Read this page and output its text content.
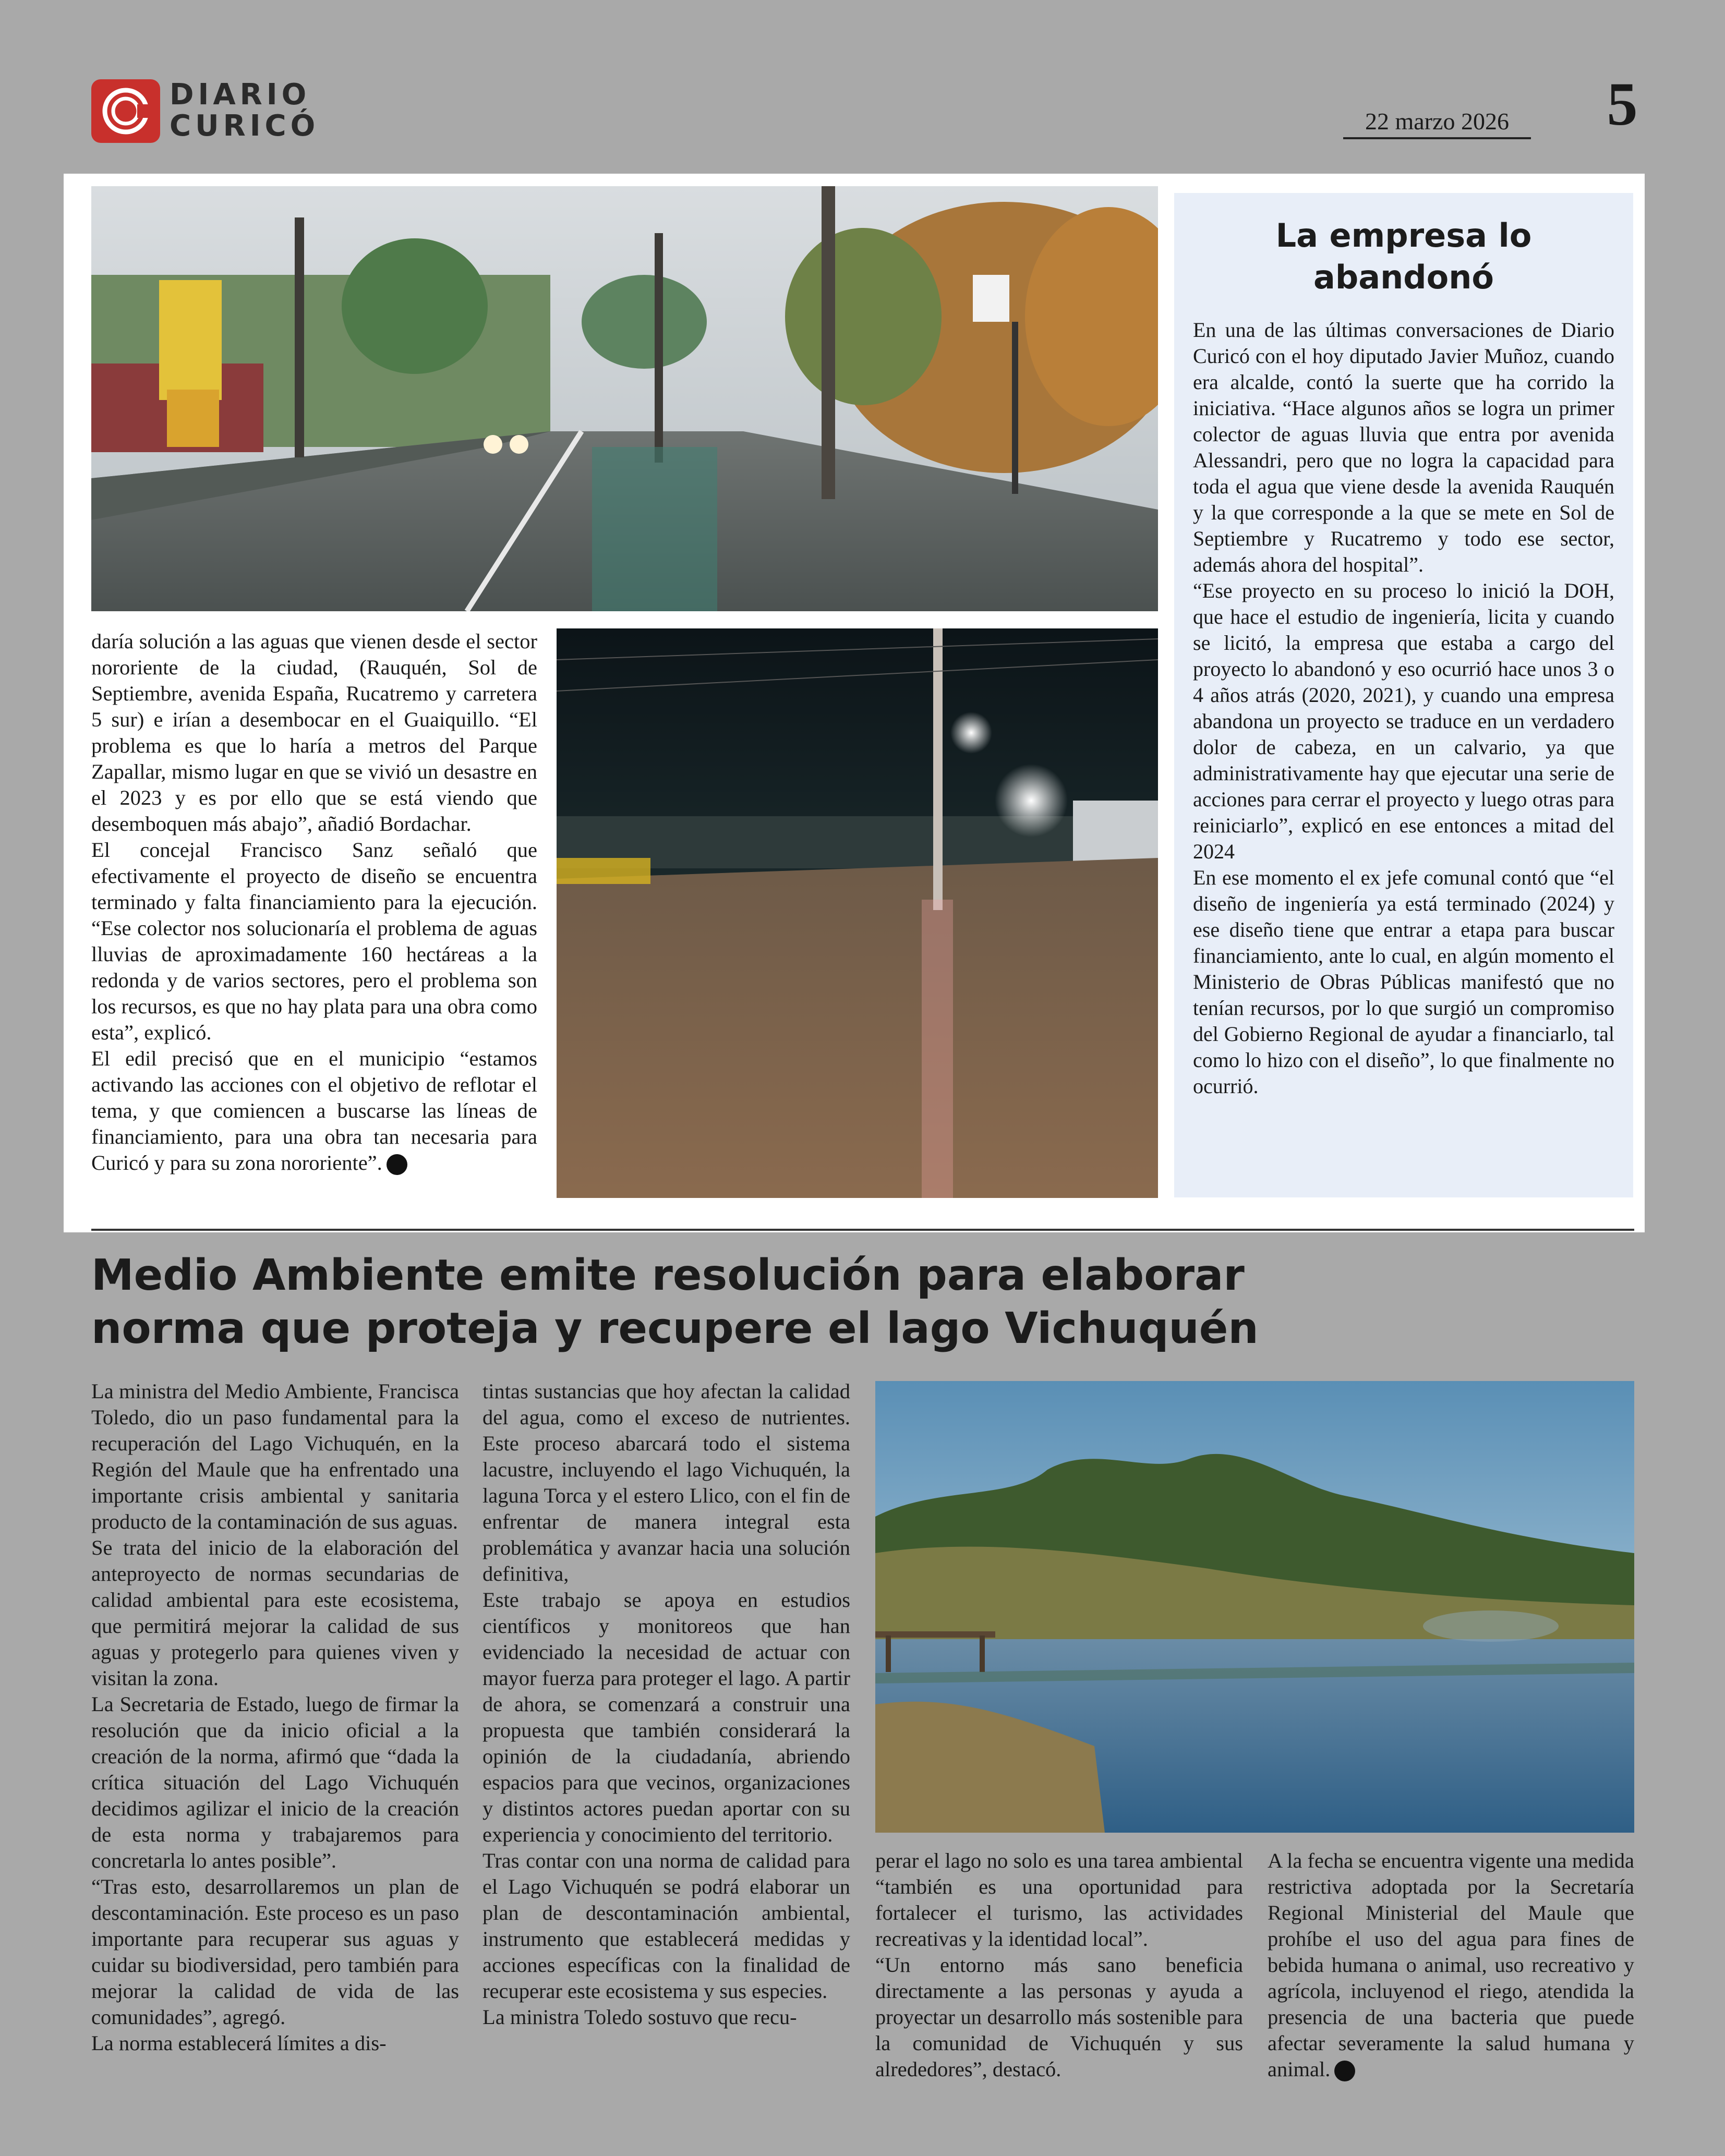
DIARIO
CURICÓ	22 marzo 2026	5

daría solución a las aguas que vienen desde el sector nororiente de la ciudad, (Rauquén, Sol de Septiembre, avenida España, Rucatremo y carretera 5 sur) e irían a desembocar en el Guaiquillo. “El problema es que lo haría a metros del Parque Zapallar, mismo lugar en que se vivió un desastre en el 2023 y es por ello que se está viendo que desemboquen más abajo”, añadió Bordachar.

El concejal Francisco Sanz señaló que efectivamente el proyecto de diseño se encuentra terminado y falta financiamiento para la ejecución. “Ese colector nos solucionaría el problema de aguas lluvias de aproximadamente 160 hectáreas a la redonda y de varios sectores, pero el problema son los recursos, es que no hay plata para una obra como esta”, explicó.

El edil precisó que en el municipio “estamos activando las acciones con el objetivo de reflotar el tema, y que comiencen a buscarse las líneas de financiamiento, para una obra tan necesaria para Curicó y para su zona nororiente”.

La empresa lo abandonó

En una de las últimas conversaciones de Diario Curicó con el hoy diputado Javier Muñoz, cuando era alcalde, contó la suerte que ha corrido la iniciativa. “Hace algunos años se logra un primer colector de aguas lluvia que entra por avenida Alessandri, pero que no logra la capacidad para toda el agua que viene desde la avenida Rauquén y la que corresponde a la que se mete en Sol de Septiembre y Rucatremo y todo ese sector, además ahora del hospital”.

“Ese proyecto en su proceso lo inició la DOH, que hace el estudio de ingeniería, licita y cuando se licitó, la empresa que estaba a cargo del proyecto lo abandonó y eso ocurrió hace unos 3 o 4 años atrás (2020, 2021), y cuando una empresa abandona un proyecto se traduce en un verdadero dolor de cabeza, en un calvario, ya que administrativamente hay que ejecutar una serie de acciones para cerrar el proyecto y luego otras para reiniciarlo”, explicó en ese entonces a mitad del 2024

En ese momento el ex jefe comunal contó que “el diseño de ingeniería ya está terminado (2024) y ese diseño tiene que entrar a etapa para buscar financiamiento, ante lo cual, en algún momento el Ministerio de Obras Públicas manifestó que no tenían recursos, por lo que surgió un compromiso del Gobierno Regional de ayudar a financiarlo, tal como lo hizo con el diseño”, lo que finalmente no ocurrió.

Medio Ambiente emite resolución para elaborar
norma que proteja y recupere el lago Vichuquén

La ministra del Medio Ambiente, Francisca Toledo, dio un paso fundamental para la recuperación del Lago Vichuquén, en la Región del Maule que ha enfrentado una importante crisis ambiental y sanitaria producto de la contaminación de sus aguas.

Se trata del inicio de la elaboración del anteproyecto de normas secundarias de calidad ambiental para este ecosistema, que permitirá mejorar la calidad de sus aguas y protegerlo para quienes viven y visitan la zona.

La Secretaria de Estado, luego de firmar la resolución que da inicio oficial a la creación de la norma, afirmó que “dada la crítica situación del Lago Vichuquén decidimos agilizar el inicio de la creación de esta norma y trabajaremos para concretarla lo antes posible”.

“Tras esto, desarrollaremos un plan de descontaminación. Este proceso es un paso importante para recuperar sus aguas y cuidar su biodiversidad, pero también para mejorar la calidad de vida de las comunidades”, agregó.

La norma establecerá límites a dis-

tintas sustancias que hoy afectan la calidad del agua, como el exceso de nutrientes. Este proceso abarcará todo el sistema lacustre, incluyendo el lago Vichuquén, la laguna Torca y el estero Llico, con el fin de enfrentar de manera integral esta problemática y avanzar hacia una solución definitiva,

Este trabajo se apoya en estudios científicos y monitoreos que han evidenciado la necesidad de actuar con mayor fuerza para proteger el lago. A partir de ahora, se comenzará a construir una propuesta que también considerará la opinión de la ciudadanía, abriendo espacios para que vecinos, organizaciones y distintos actores puedan aportar con su experiencia y conocimiento del territorio.

Tras contar con una norma de calidad para el Lago Vichuquén se podrá elaborar un plan de descontaminación ambiental, instrumento que establecerá medidas y acciones específicas con la finalidad de recuperar este ecosistema y sus especies.

La ministra Toledo sostuvo que recu-

perar el lago no solo es una tarea ambiental “también es una oportunidad para fortalecer el turismo, las actividades recreativas y la identidad local”.

“Un entorno más sano beneficia directamente a las personas y ayuda a proyectar un desarrollo más sostenible para la comunidad de Vichuquén y sus alrededores”, destacó.

A la fecha se encuentra vigente una medida restrictiva adoptada por la Secretaría Regional Ministerial del Maule que prohíbe el uso del agua para fines de bebida humana o animal, uso recreativo y agrícola, incluyenod el riego, atendida la presencia de una bacteria que puede afectar severamente la salud humana y animal.
